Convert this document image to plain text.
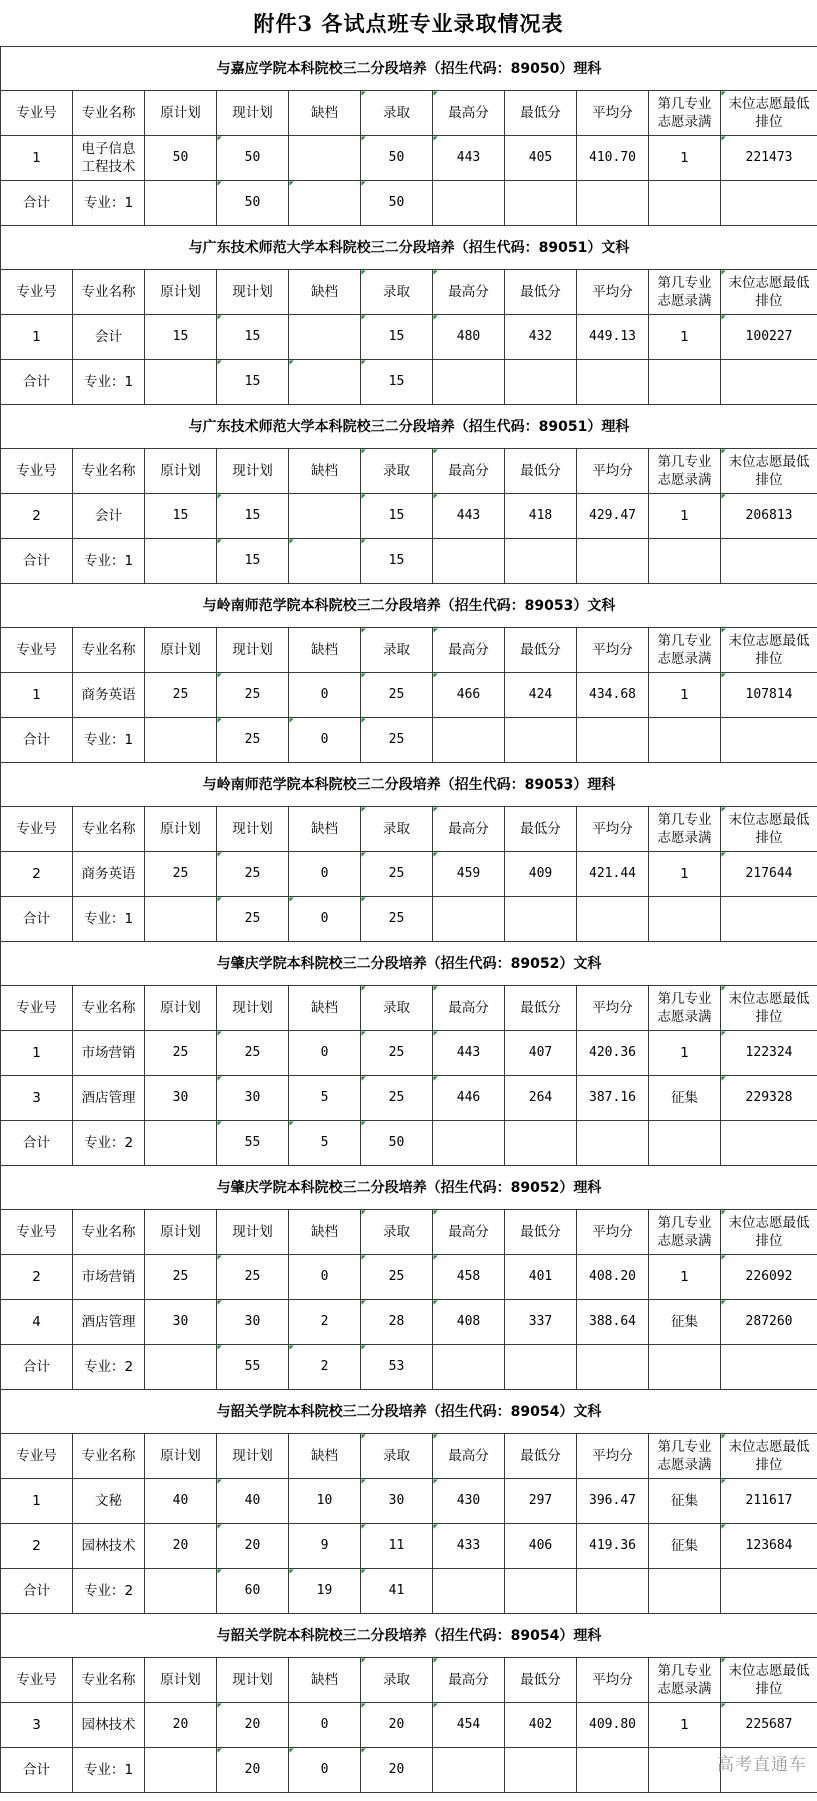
附件3 各试点班专业录取情况表
与嘉应学院本科院校三二分段培养（招生代码：89050）理科										
专业号	专业名称	原计划	现计划	缺档	录取	最高分	最低分	平均分	第几专业志愿录满	末位志愿最低排位
1	电子信息工程技术	50	50		50	443	405	410.70	1	221473
合计	专业：1		50		50					
与广东技术师范大学本科院校三二分段培养（招生代码：89051）文科										
专业号	专业名称	原计划	现计划	缺档	录取	最高分	最低分	平均分	第几专业志愿录满	末位志愿最低排位
1	会计	15	15		15	480	432	449.13	1	100227
合计	专业：1		15		15					
与广东技术师范大学本科院校三二分段培养（招生代码：89051）理科										
专业号	专业名称	原计划	现计划	缺档	录取	最高分	最低分	平均分	第几专业志愿录满	末位志愿最低排位
2	会计	15	15		15	443	418	429.47	1	206813
合计	专业：1		15		15					
与岭南师范学院本科院校三二分段培养（招生代码：89053）文科										
专业号	专业名称	原计划	现计划	缺档	录取	最高分	最低分	平均分	第几专业志愿录满	末位志愿最低排位
1	商务英语	25	25	0	25	466	424	434.68	1	107814
合计	专业：1		25	0	25					
与岭南师范学院本科院校三二分段培养（招生代码：89053）理科										
专业号	专业名称	原计划	现计划	缺档	录取	最高分	最低分	平均分	第几专业志愿录满	末位志愿最低排位
2	商务英语	25	25	0	25	459	409	421.44	1	217644
合计	专业：1		25	0	25					
与肇庆学院本科院校三二分段培养（招生代码：89052）文科										
专业号	专业名称	原计划	现计划	缺档	录取	最高分	最低分	平均分	第几专业志愿录满	末位志愿最低排位
1	市场营销	25	25	0	25	443	407	420.36	1	122324
3	酒店管理	30	30	5	25	446	264	387.16	征集	229328
合计	专业：2		55	5	50					
与肇庆学院本科院校三二分段培养（招生代码：89052）理科										
专业号	专业名称	原计划	现计划	缺档	录取	最高分	最低分	平均分	第几专业志愿录满	末位志愿最低排位
2	市场营销	25	25	0	25	458	401	408.20	1	226092
4	酒店管理	30	30	2	28	408	337	388.64	征集	287260
合计	专业：2		55	2	53					
与韶关学院本科院校三二分段培养（招生代码：89054）文科										
专业号	专业名称	原计划	现计划	缺档	录取	最高分	最低分	平均分	第几专业志愿录满	末位志愿最低排位
1	文秘	40	40	10	30	430	297	396.47	征集	211617
2	园林技术	20	20	9	11	433	406	419.36	征集	123684
合计	专业：2		60	19	41					
与韶关学院本科院校三二分段培养（招生代码：89054）理科										
专业号	专业名称	原计划	现计划	缺档	录取	最高分	最低分	平均分	第几专业志愿录满	末位志愿最低排位
3	园林技术	20	20	0	20	454	402	409.80	1	225687
合计	专业：1		20	0	20						高考直通车
